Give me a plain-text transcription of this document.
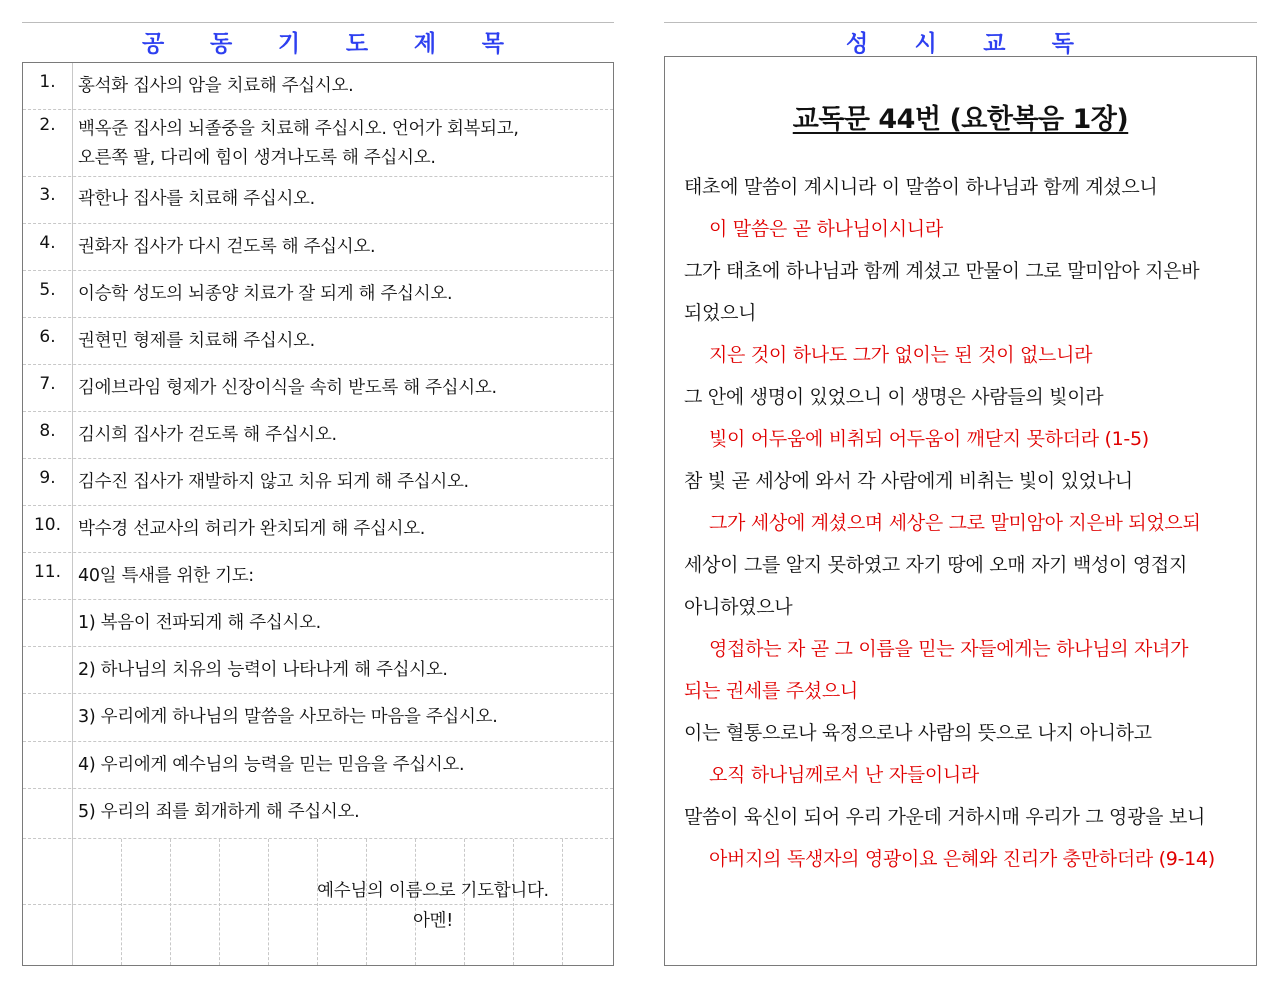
공 동 기 도 제 목	성 시 교 독
1.	홍석화 집사의 암을 치료해 주십시오.
2.	백옥준 집사의 뇌졸중을 치료해 주십시오. 언어가 회복되고,
오른쪽 팔, 다리에 힘이 생겨나도록 해 주십시오.
3.	곽한나 집사를 치료해 주십시오.
4.	권화자 집사가 다시 걷도록 해 주십시오.
5.	이승학 성도의 뇌종양 치료가 잘 되게 해 주십시오.
6.	권현민 형제를 치료해 주십시오.
7.	김에브라임 형제가 신장이식을 속히 받도록 해 주십시오.
8.	김시희 집사가 걷도록 해 주십시오.
9.	김수진 집사가 재발하지 않고 치유 되게 해 주십시오.
10. 박수경 선교사의 허리가 완치되게 해 주십시오.
11. 40일 특새를 위한 기도:
1) 복음이 전파되게 해 주십시오.
2) 하나님의 치유의 능력이 나타나게 해 주십시오.
3) 우리에게 하나님의 말씀을 사모하는 마음을 주십시오.
4) 우리에게 예수님의 능력을 믿는 믿음을 주십시오.
5) 우리의 죄를 회개하게 해 주십시오.
예수님의 이름으로 기도합니다.
아멘!
교독문 44번 (요한복음 1장)
태초에 말씀이 계시니라 이 말씀이 하나님과 함께 계셨으니
이 말씀은 곧 하나님이시니라
그가 태초에 하나님과 함께 계셨고 만물이 그로 말미암아 지은바
되었으니
지은 것이 하나도 그가 없이는 된 것이 없느니라
그 안에 생명이 있었으니 이 생명은 사람들의 빛이라
빛이 어두움에 비취되 어두움이 깨닫지 못하더라 (1-5)
참 빛 곧 세상에 와서 각 사람에게 비취는 빛이 있었나니
그가 세상에 계셨으며 세상은 그로 말미암아 지은바 되었으되
세상이 그를 알지 못하였고 자기 땅에 오매 자기 백성이 영접지
아니하였으나
영접하는 자 곧 그 이름을 믿는 자들에게는 하나님의 자녀가
되는 권세를 주셨으니
이는 혈통으로나 육정으로나 사람의 뜻으로 나지 아니하고
오직 하나님께로서 난 자들이니라
말씀이 육신이 되어 우리 가운데 거하시매 우리가 그 영광을 보니
아버지의 독생자의 영광이요 은혜와 진리가 충만하더라 (9-14)
